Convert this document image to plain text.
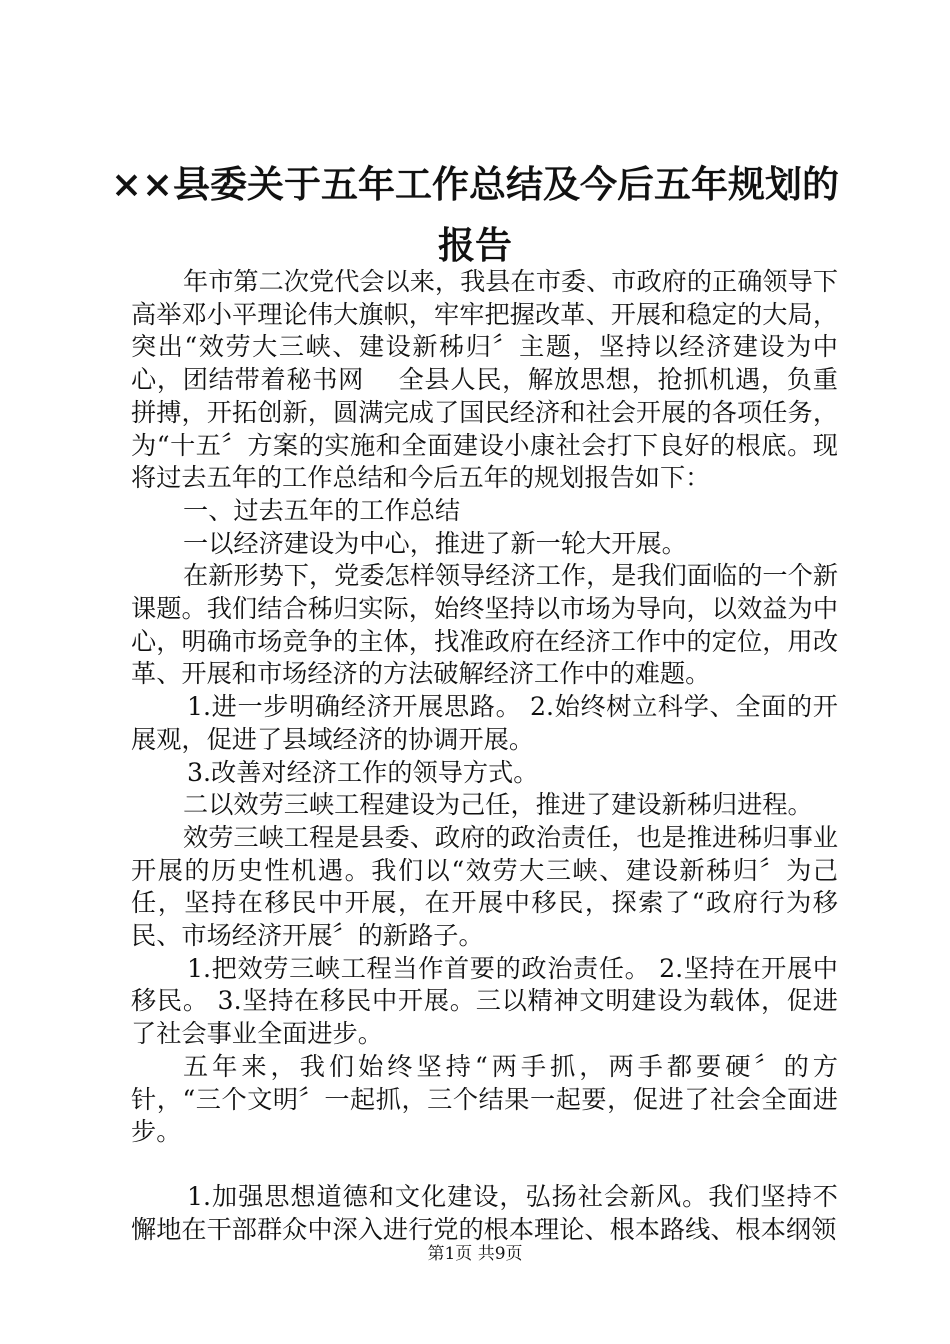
××县委关于五年工作总结及今后五年规划的
报告

年市第二次党代会以来，我县在市委、市政府的正确领导下高举邓小平理论伟大旗帜，牢牢把握改革、开展和稳定的大局，突出“效劳大三峡、建设新秭归〞主题，坚持以经济建设为中心，团结带着秘书网　 全县人民，解放思想，抢抓机遇，负重拼搏，开拓创新，圆满完成了国民经济和社会开展的各项任务，为“十五〞方案的实施和全面建设小康社会打下良好的根底。现将过去五年的工作总结和今后五年的规划报告如下：

一、过去五年的工作总结

一以经济建设为中心，推进了新一轮大开展。

在新形势下，党委怎样领导经济工作，是我们面临的一个新课题。我们结合秭归实际，始终坚持以市场为导向，以效益为中心，明确市场竞争的主体，找准政府在经济工作中的定位，用改革、开展和市场经济的方法破解经济工作中的难题。

1.进一步明确经济开展思路。 2.始终树立科学、全面的开展观，促进了县域经济的协调开展。

3.改善对经济工作的领导方式。

二以效劳三峡工程建设为己任，推进了建设新秭归进程。

效劳三峡工程是县委、政府的政治责任，也是推进秭归事业开展的历史性机遇。我们以“效劳大三峡、建设新秭归〞为己任，坚持在移民中开展，在开展中移民，探索了“政府行为移民、市场经济开展〞的新路子。

1.把效劳三峡工程当作首要的政治责任。 2.坚持在开展中移民。 3.坚持在移民中开展。三以精神文明建设为载体，促进了社会事业全面进步。

五年来，我们始终坚持“两手抓，两手都要硬〞的方针，“三个文明〞一起抓，三个结果一起要，促进了社会全面进步。

1.加强思想道德和文化建设，弘扬社会新风。我们坚持不懈地在干部群众中深入进行党的根本理论、根本路线、根本纲领

第1页 共9页
